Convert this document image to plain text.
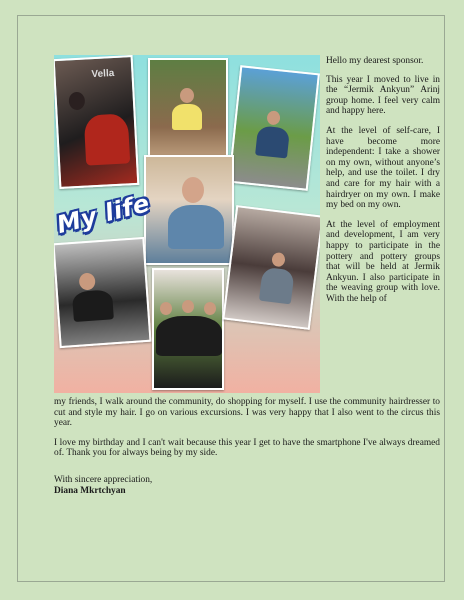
Vella
My life

Hello my dearest sponsor.

This year I moved to live in the “Jermik Ankyun” Arinj group home. I feel very calm and happy here.

At the level of self-care, I have become more independent: I take a shower on my own, without anyone’s help, and use the toilet. I dry and care for my hair with a hairdryer on my own. I make my bed on my own.

At the level of employment and development, I am very happy to participate in the pottery and pottery groups that will be held at Jermik Ankyun. I also participate in the weaving group with love. With the help of

my friends, I walk around the community, do shopping for myself. I use the community hairdresser to cut and style my hair. I go on various excursions. I was very happy that I also went to the circus this year.

I love my birthday and I can't wait because this year I get to have the smartphone I've always dreamed of. Thank you for always being by my side.

With sincere appreciation,
Diana Mkrtchyan
